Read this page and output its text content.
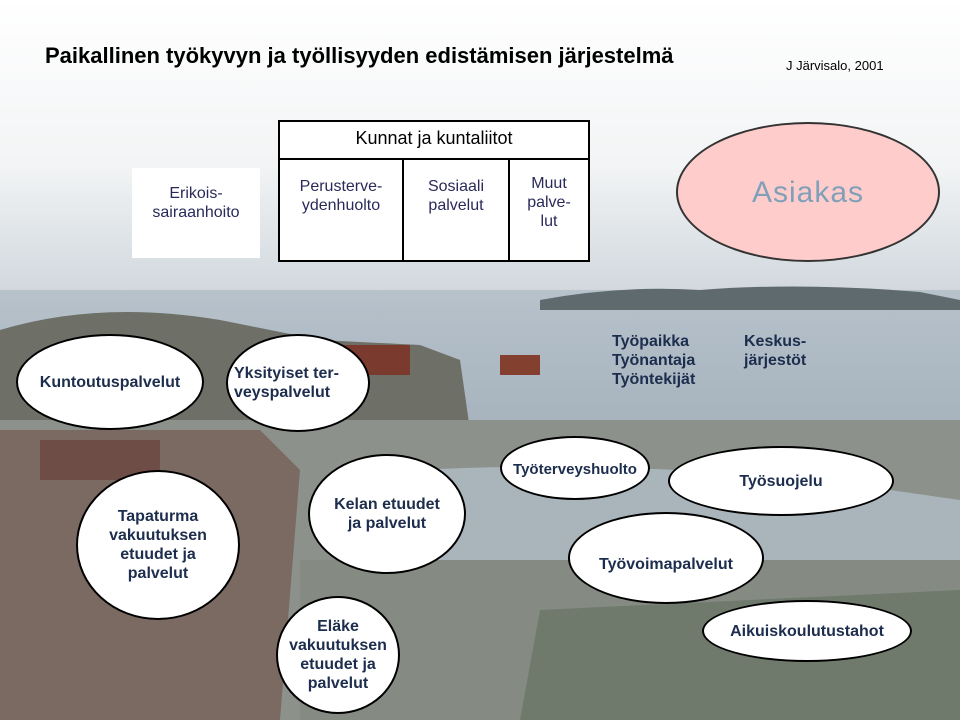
Paikallinen työkyvyn ja työllisyyden edistämisen järjestelmä	J Järvisalo, 2001
Erikois-
sairaanhoito
Kunnat ja kuntaliitot
Perusterve-
ydenhuolto
Sosiaali
palvelut
Muut
palve-
lut
Asiakas
Kuntoutuspalvelut	Yksityiset ter-
veyspalvelut
Työpaikka
Työnantaja
Työntekijät
Keskus-
järjestöt
Tapaturma
vakuutuksen
etuudet ja
palvelut
Kelan etuudet
ja palvelut
Työterveyshuolto
Työsuojelu
Työvoimapalvelut
Eläke
vakuutuksen
etuudet ja
palvelut
Aikuiskoulutustahot
